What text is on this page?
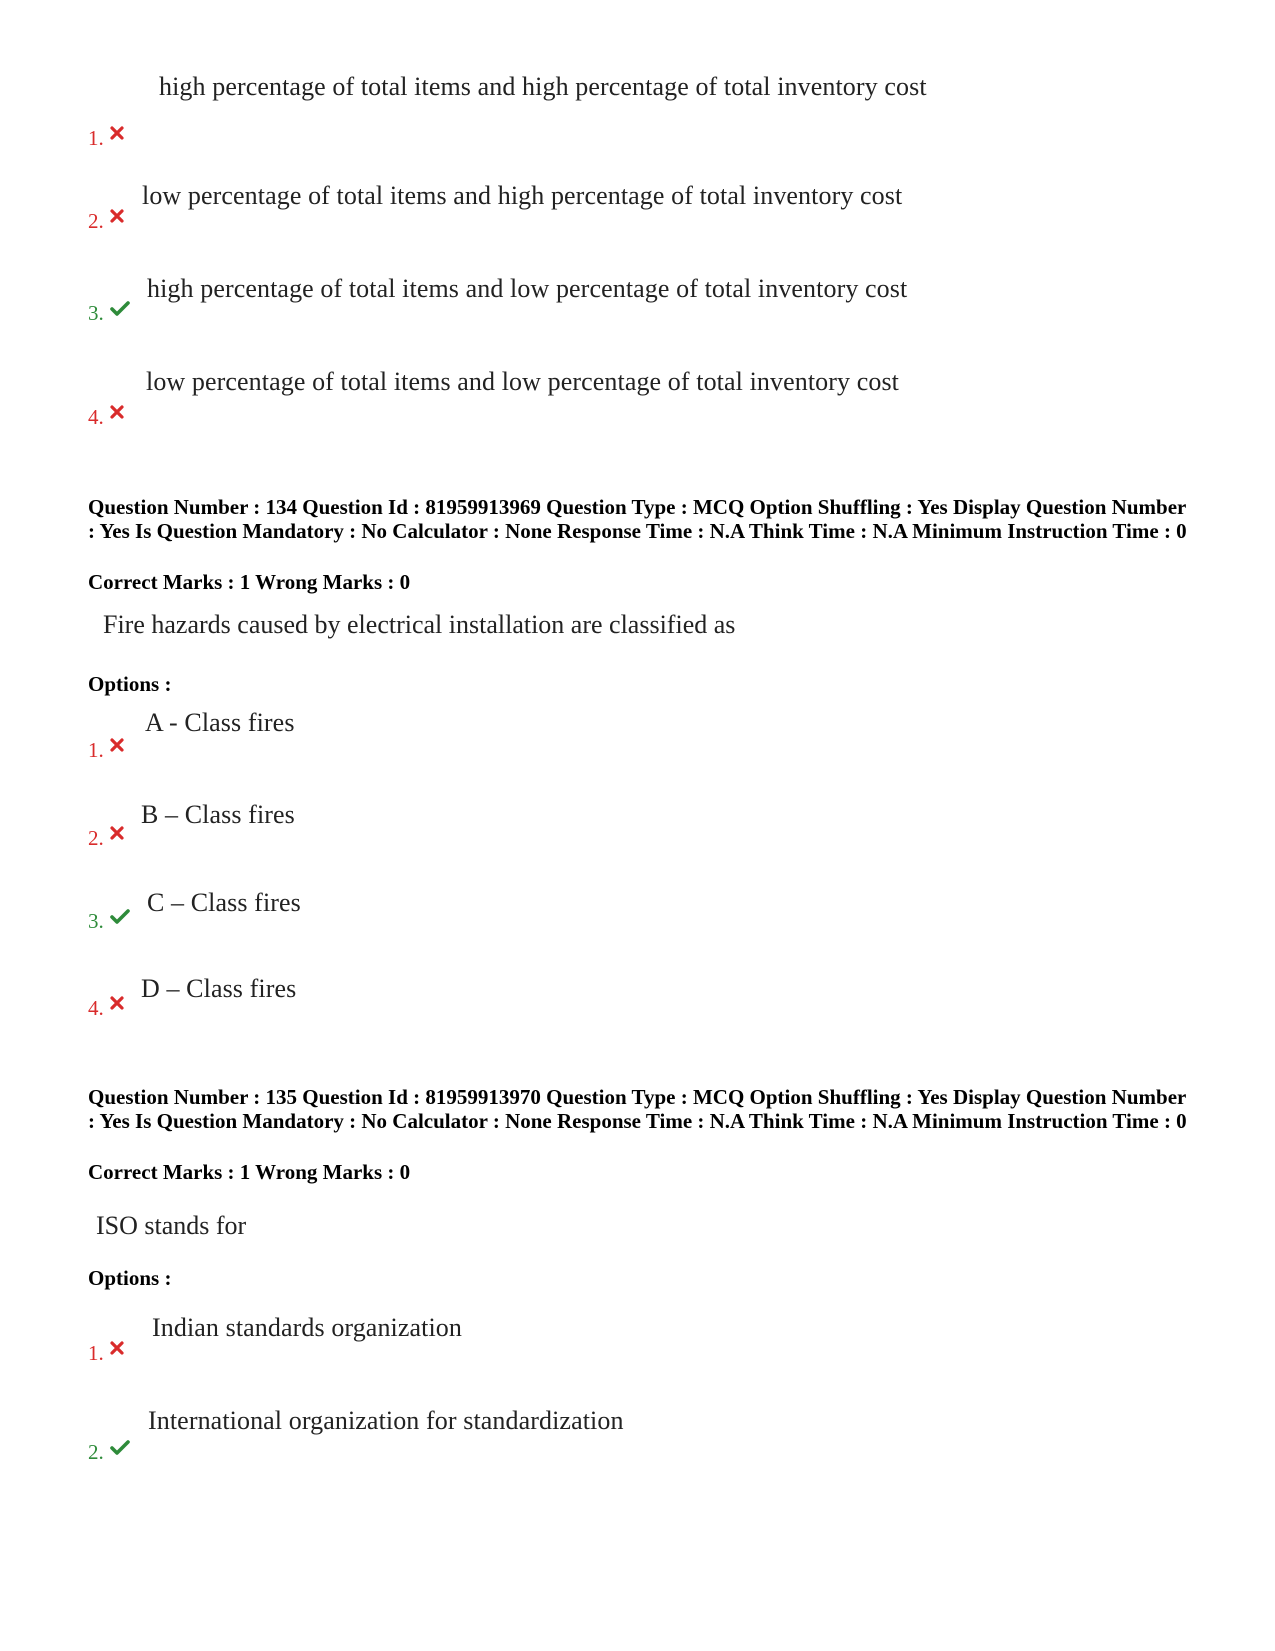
high percentage of total items and high percentage of total inventory cost
1.
low percentage of total items and high percentage of total inventory cost
2.
high percentage of total items and low percentage of total inventory cost
3.
low percentage of total items and low percentage of total inventory cost
4.
Question Number : 134 Question Id : 81959913969 Question Type : MCQ Option Shuffling : Yes Display Question Number : Yes Is Question Mandatory : No Calculator : None Response Time : N.A Think Time : N.A Minimum Instruction Time : 0
Correct Marks : 1 Wrong Marks : 0
Fire hazards caused by electrical installation are classified as
Options :
A - Class fires
1.
B – Class fires
2.
C – Class fires
3.
D – Class fires
4.
Question Number : 135 Question Id : 81959913970 Question Type : MCQ Option Shuffling : Yes Display Question Number : Yes Is Question Mandatory : No Calculator : None Response Time : N.A Think Time : N.A Minimum Instruction Time : 0
Correct Marks : 1 Wrong Marks : 0
ISO stands for
Options :
Indian standards organization
1.
International organization for standardization
2.
